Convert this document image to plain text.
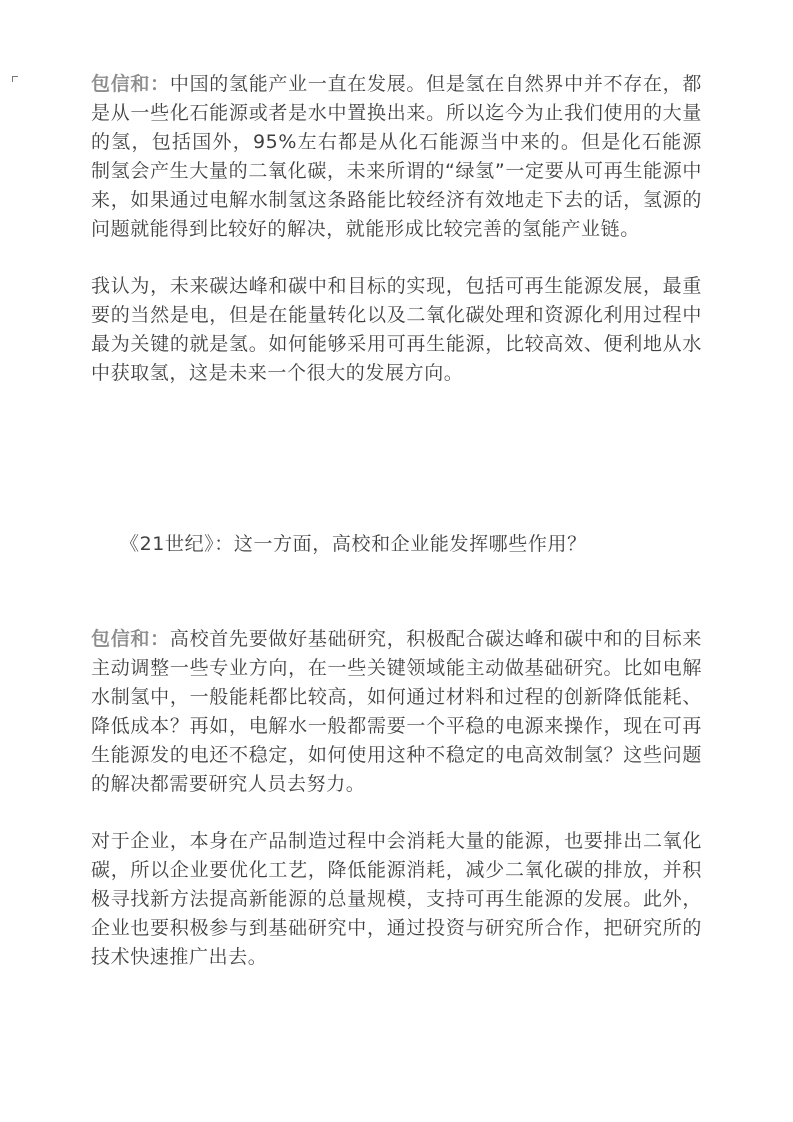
包信和：中国的氢能产业一直在发展。但是氢在自然界中并不存在，都是从一些化石能源或者是水中置换出来。所以迄今为止我们使用的大量的氢，包括国外，95%左右都是从化石能源当中来的。但是化石能源制氢会产生大量的二氧化碳，未来所谓的“绿氢”一定要从可再生能源中来，如果通过电解水制氢这条路能比较经济有效地走下去的话，氢源的问题就能得到比较好的解决，就能形成比较完善的氢能产业链。

我认为，未来碳达峰和碳中和目标的实现，包括可再生能源发展，最重要的当然是电，但是在能量转化以及二氧化碳处理和资源化利用过程中最为关键的就是氢。如何能够采用可再生能源，比较高效、便利地从水中获取氢，这是未来一个很大的发展方向。

《21世纪》：这一方面，高校和企业能发挥哪些作用？

包信和：高校首先要做好基础研究，积极配合碳达峰和碳中和的目标来主动调整一些专业方向，在一些关键领域能主动做基础研究。比如电解水制氢中，一般能耗都比较高，如何通过材料和过程的创新降低能耗、降低成本？再如，电解水一般都需要一个平稳的电源来操作，现在可再生能源发的电还不稳定，如何使用这种不稳定的电高效制氢？这些问题的解决都需要研究人员去努力。

对于企业，本身在产品制造过程中会消耗大量的能源，也要排出二氧化碳，所以企业要优化工艺，降低能源消耗，减少二氧化碳的排放，并积极寻找新方法提高新能源的总量规模，支持可再生能源的发展。此外，企业也要积极参与到基础研究中，通过投资与研究所合作，把研究所的技术快速推广出去。
